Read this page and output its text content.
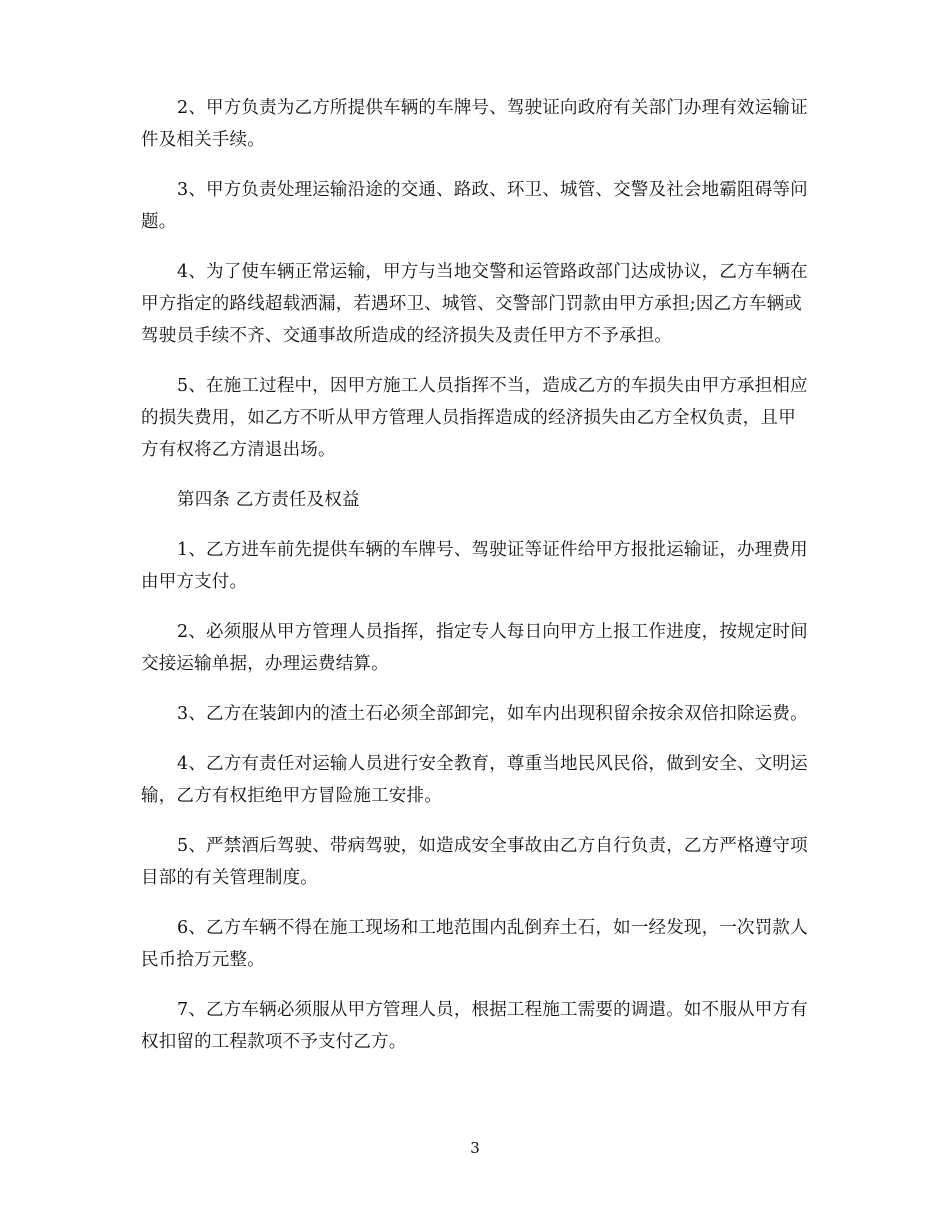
2、甲方负责为乙方所提供车辆的车牌号、驾驶证向政府有关部门办理有效运输证件及相关手续。

3、甲方负责处理运输沿途的交通、路政、环卫、城管、交警及社会地霸阻碍等问题。

4、为了使车辆正常运输，甲方与当地交警和运管路政部门达成协议，乙方车辆在甲方指定的路线超载洒漏，若遇环卫、城管、交警部门罚款由甲方承担;因乙方车辆或驾驶员手续不齐、交通事故所造成的经济损失及责任甲方不予承担。

5、在施工过程中，因甲方施工人员指挥不当，造成乙方的车损失由甲方承担相应的损失费用，如乙方不听从甲方管理人员指挥造成的经济损失由乙方全权负责，且甲方有权将乙方清退出场。

第四条 乙方责任及权益

1、乙方进车前先提供车辆的车牌号、驾驶证等证件给甲方报批运输证，办理费用由甲方支付。

2、必须服从甲方管理人员指挥，指定专人每日向甲方上报工作进度，按规定时间交接运输单据，办理运费结算。

3、乙方在装卸内的渣土石必须全部卸完，如车内出现积留余按余双倍扣除运费。

4、乙方有责任对运输人员进行安全教育，尊重当地民风民俗，做到安全、文明运输，乙方有权拒绝甲方冒险施工安排。

5、严禁酒后驾驶、带病驾驶，如造成安全事故由乙方自行负责，乙方严格遵守项目部的有关管理制度。

6、乙方车辆不得在施工现场和工地范围内乱倒弃土石，如一经发现，一次罚款人民币拾万元整。

7、乙方车辆必须服从甲方管理人员，根据工程施工需要的调遣。如不服从甲方有权扣留的工程款项不予支付乙方。

3
